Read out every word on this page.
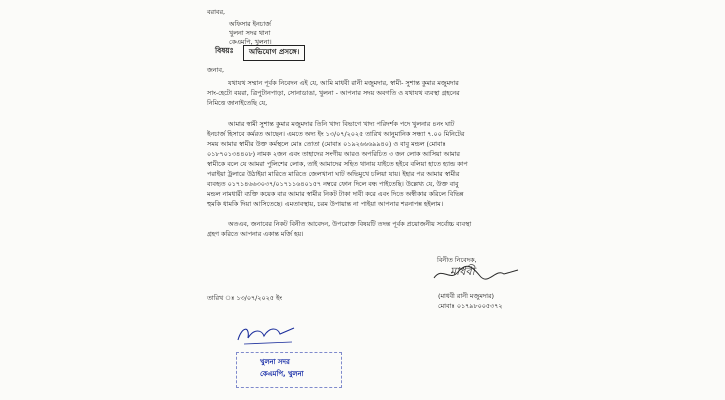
বরাবর,
অফিসার ইনচার্জ
খুলনা সদর থানা
কেএমপি, খুলনা।
বিষয়ঃ	অভিযোগ প্রসঙ্গে।
জনাব,
যথাযথ সম্মান পূর্বক নিবেদন এই যে, আমি মাধবী রানী মজুমদার, স্বামী- সুশান্ত কুমার মজুমদার
সাং-হেটো বয়রা, ত্রিপুটানপাড়া, সোনাডাঙা, খুলনা - আপনার সদয় অবগতি ও যথাযথ ব্যবস্থা গ্রহনের
নিমিত্তে জানাইতেছি যে,
আমার স্বামী সুশান্ত কুমার মজুমদার তিনি খাদ্য বিভাগে খাদ্য পরিদর্শক পদে খুলনার ৪নং ঘাট
ইনচার্জ হিসাবে কর্মরত আছেন। এমতে অদ্য ইং ১৩/০৭/২০২৫ তারিখ আনুমানিক সন্ধ্যা ৭.০০ মিনিটের
সময় আমার স্বামীর উক্ত কর্মস্থলে মোঃ তোতা (মোবাঃ ০১৯২৬৬৬৯৯৪০) ও বাবু মন্ডল (মোবাঃ
০১৮৭০১৩৪৪০৮) নামক ২জন এবং তাহাদের সংগীয় আরও অপরিচিত ৩ জন লোক আসিয়া আমার
স্বামীকে বলে যে আমরা পুলিশের লোক, তাই আমাদের সহিত থানায় যাইতে হইবে বলিয়া হাতে হ্যান্ড কাপ
পরাইয়া ট্রলারে উঠাইয়া মারিতে মারিতে জেলখানা ঘাট অভিমুখে চলিয়া যায়। ইহার পর আমার স্বামীর
ব্যবহৃত ০১৭১৪৬৬৩০৩৭/০১৭১১৬৪০১৫৭ নম্বরে ফোন দিলে বন্ধ পাইতেছি। উল্লেখ্য যে, উক্ত বাবু
মন্ডল নামধারী ব্যক্তি কয়েক বার আমার স্বামীর নিকট টাকা দাবী করে এবং দিতে অস্বীকার করিলে বিভিন্ন
হুমকি ধামকি দিয়া আসিতেছে। এমতাবস্থায়, চরম উপায়ান্ত না পাইয়া আপনার শরনাপন্ন হইলাম।
অতএব, জনাবের নিকট বিনীত আবেদন, উপরোক্ত বিষয়টি তদন্ত পূর্বক প্রয়োজনীয় সর্বোচ্চ ব্যবস্থা
গ্রহণ করিতে আপনার একান্ত মর্জি হয়।
বিনীত নিবেদক,
মাধবী
(মাধবী রানী মজুমদার)
মোবাঃ ০১৭৯৮০০৫৩৭২
তারিখ ঃ ১৩/০৭/২০২৫ ইং
খুলনা সদর
কেএমপি, খুলনা
